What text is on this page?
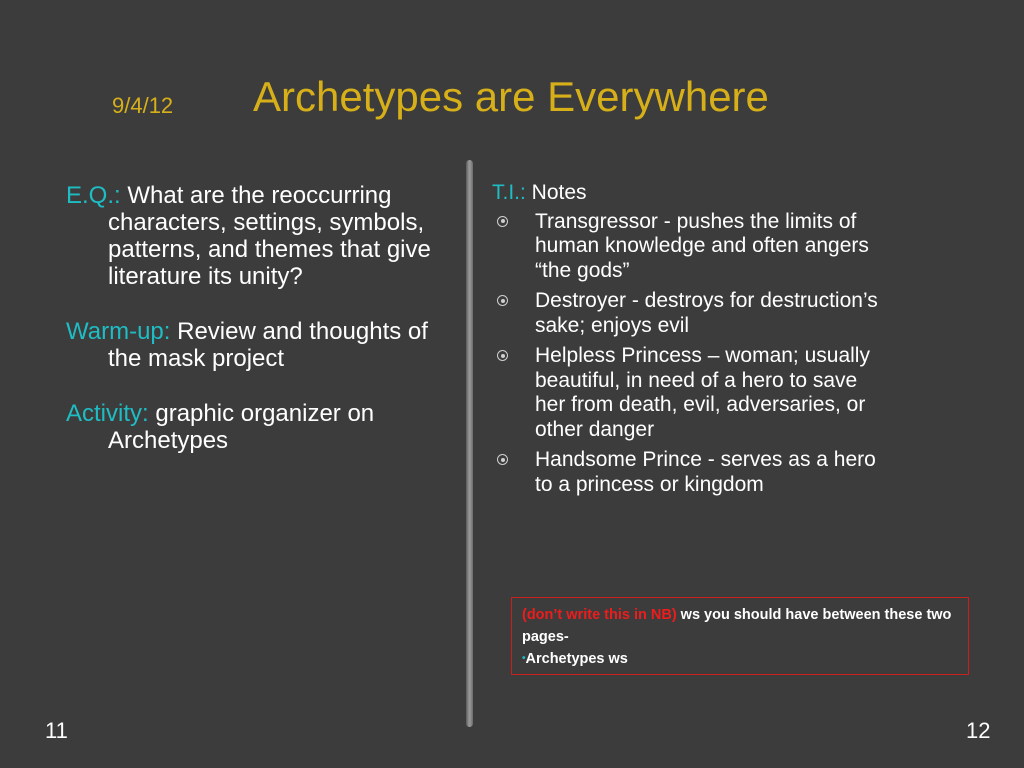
9/4/12 Archetypes are Everywhere

E.Q.: What are the reoccurring characters, settings, symbols, patterns, and themes that give literature its unity?

Warm-up: Review and thoughts of the mask project

Activity: graphic organizer on Archetypes

T.I.: Notes
Transgressor - pushes the limits of human knowledge and often angers “the gods”
Destroyer - destroys for destruction’s sake; enjoys evil
Helpless Princess – woman; usually beautiful, in need of a hero to save her from death, evil, adversaries, or other danger
Handsome Prince - serves as a hero to a princess or kingdom
(don’t write this in NB) ws you should have between these two pages-
•Archetypes ws
11	12
